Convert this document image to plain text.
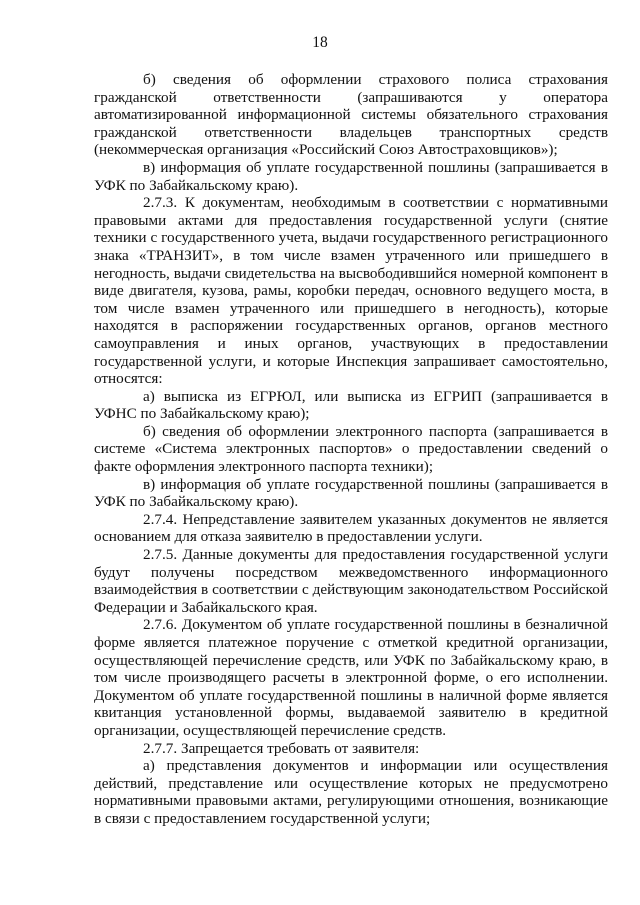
18

б) сведения об оформлении страхового полиса страхования гражданской ответственности (запрашиваются у оператора автоматизированной информационной системы обязательного страхования гражданской ответственности владельцев транспортных средств (некоммерческая организация «Российский Союз Автостраховщиков»);

в) информация об уплате государственной пошлины (запрашивается в УФК по Забайкальскому краю).

2.7.3. К документам, необходимым в соответствии с нормативными правовыми актами для предоставления государственной услуги (снятие техники с государственного учета, выдачи государственного регистрационного знака «ТРАНЗИТ», в том числе взамен утраченного или пришедшего в негодность, выдачи свидетельства на высвободившийся номерной компонент в виде двигателя, кузова, рамы, коробки передач, основного ведущего моста, в том числе взамен утраченного или пришедшего в негодность), которые находятся в распоряжении государственных органов, органов местного самоуправления и иных органов, участвующих в предоставлении государственной услуги, и которые Инспекция запрашивает самостоятельно, относятся:

а) выписка из ЕГРЮЛ, или выписка из ЕГРИП (запрашивается в УФНС по Забайкальскому краю);

б) сведения об оформлении электронного паспорта (запрашивается в системе «Система электронных паспортов» о предоставлении сведений о факте оформления электронного паспорта техники);

в) информация об уплате государственной пошлины (запрашивается в УФК по Забайкальскому краю).

2.7.4. Непредставление заявителем указанных документов не является основанием для отказа заявителю в предоставлении услуги.

2.7.5. Данные документы для предоставления государственной услуги будут получены посредством межведомственного информационного взаимодействия в соответствии с действующим законодательством Российской Федерации и Забайкальского края.

2.7.6. Документом об уплате государственной пошлины в безналичной форме является платежное поручение с отметкой кредитной организации, осуществляющей перечисление средств, или УФК по Забайкальскому краю, в том числе производящего расчеты в электронной форме, о его исполнении. Документом об уплате государственной пошлины в наличной форме является квитанция установленной формы, выдаваемой заявителю в кредитной организации, осуществляющей перечисление средств.

2.7.7. Запрещается требовать от заявителя:

а) представления документов и информации или осуществления действий, представление или осуществление которых не предусмотрено нормативными правовыми актами, регулирующими отношения, возникающие в связи с предоставлением государственной услуги;
